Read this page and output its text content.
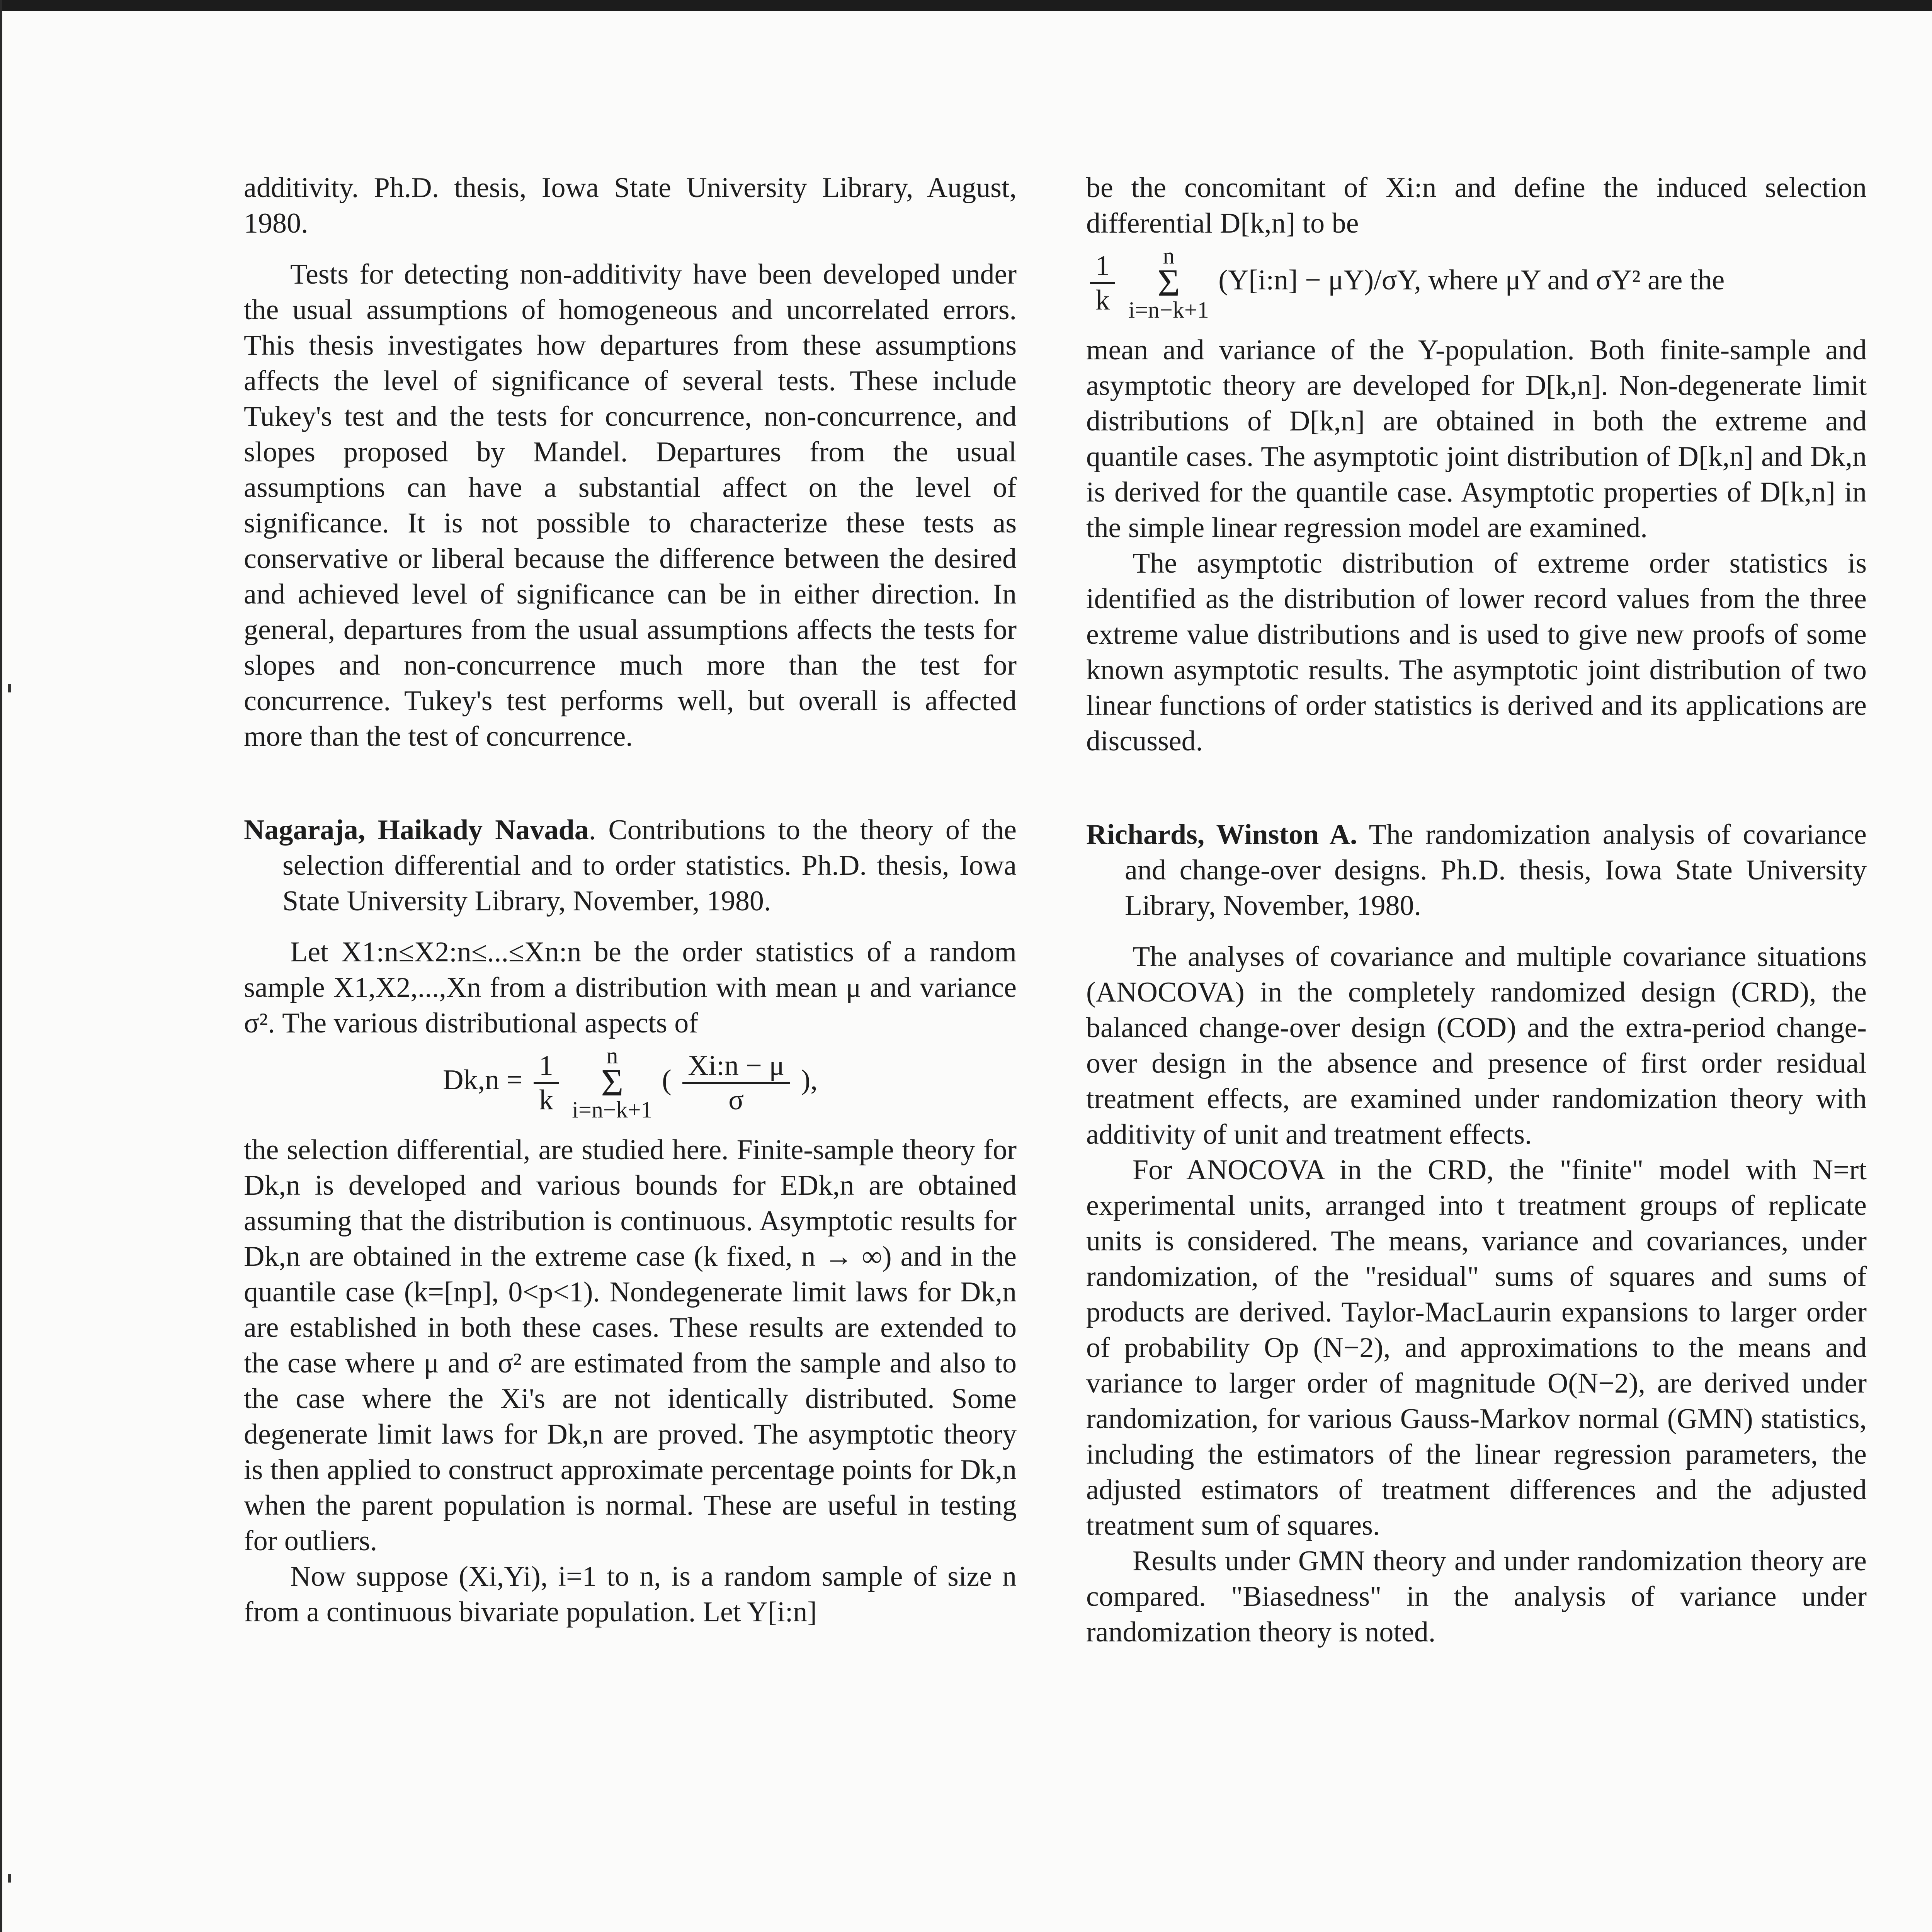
additivity. Ph.D. thesis, Iowa State University Library, August, 1980.

Tests for detecting non-additivity have been developed under the usual assumptions of homogeneous and uncorrelated errors. This thesis investigates how departures from these assumptions affects the level of significance of several tests. These include Tukey's test and the tests for concurrence, non-concurrence, and slopes proposed by Mandel. Departures from the usual assumptions can have a substantial affect on the level of significance. It is not possible to characterize these tests as conservative or liberal because the difference between the desired and achieved level of significance can be in either direction. In general, departures from the usual assumptions affects the tests for slopes and non-concurrence much more than the test for concurrence. Tukey's test performs well, but overall is affected more than the test of concurrence.

Nagaraja, Haikady Navada. Contributions to the theory of the selection differential and to order statistics. Ph.D. thesis, Iowa State University Library, November, 1980.

Let X1:n≤X2:n≤...≤Xn:n be the order statistics of a random sample X1,X2,...,Xn from a distribution with mean μ and variance σ². The various distributional aspects of

$Dk,n = \frac{1}{k}$ n
Σ
i=n−k+1 ( $\frac{Xi:n - \mu}{\sigma}$ ),

the selection differential, are studied here. Finite-sample theory for Dk,n is developed and various bounds for EDk,n are obtained assuming that the distribution is continuous. Asymptotic results for Dk,n are obtained in the extreme case (k fixed, n → ∞) and in the quantile case (k=[np], 0<p<1). Nondegenerate limit laws for Dk,n are established in both these cases. These results are extended to the case where μ and σ² are estimated from the sample and also to the case where the Xi's are not identically distributed. Some degenerate limit laws for Dk,n are proved. The asymptotic theory is then applied to construct approximate percentage points for Dk,n when the parent population is normal. These are useful in testing for outliers.

Now suppose (Xi,Yi), i=1 to n, is a random sample of size n from a continuous bivariate population. Let Y[i:n]

be the concomitant of Xi:n and define the induced selection differential D[k,n] to be

$\frac{1}{k}$ n
Σ
i=n−k+1 (Y[i:n] − μY)/σY, where μY and σY² are the

mean and variance of the Y-population. Both finite-sample and asymptotic theory are developed for D[k,n]. Non-degenerate limit distributions of D[k,n] are obtained in both the extreme and quantile cases. The asymptotic joint distribution of D[k,n] and Dk,n is derived for the quantile case. Asymptotic properties of D[k,n] in the simple linear regression model are examined.

The asymptotic distribution of extreme order statistics is identified as the distribution of lower record values from the three extreme value distributions and is used to give new proofs of some known asymptotic results. The asymptotic joint distribution of two linear functions of order statistics is derived and its applications are discussed.

Richards, Winston A. The randomization analysis of covariance and change-over designs. Ph.D. thesis, Iowa State University Library, November, 1980.

The analyses of covariance and multiple covariance situations (ANOCOVA) in the completely randomized design (CRD), the balanced change-over design (COD) and the extra-period change-over design in the absence and presence of first order residual treatment effects, are examined under randomization theory with additivity of unit and treatment effects.

For ANOCOVA in the CRD, the "finite" model with N=rt experimental units, arranged into t treatment groups of replicate units is considered. The means, variance and covariances, under randomization, of the "residual" sums of squares and sums of products are derived. Taylor-MacLaurin expansions to larger order of probability Op (N−2), and approximations to the means and variance to larger order of magnitude O(N−2), are derived under randomization, for various Gauss-Markov normal (GMN) statistics, including the estimators of the linear regression parameters, the adjusted estimators of treatment differences and the adjusted treatment sum of squares.

Results under GMN theory and under randomization theory are compared. "Biasedness" in the analysis of variance under randomization theory is noted.
